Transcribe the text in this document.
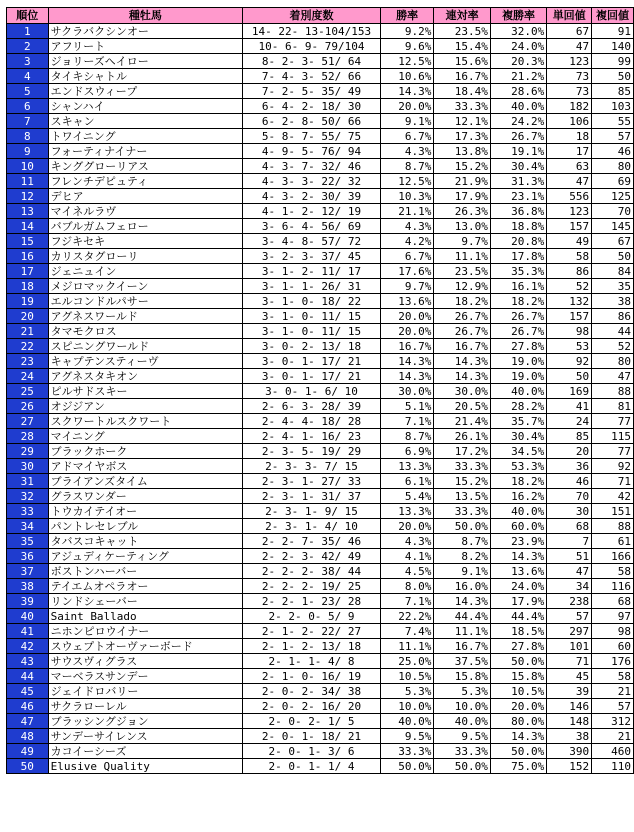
順位	種牡馬	着別度数	勝率	連対率	複勝率	単回値	複回値
1	サクラバクシンオー	14- 22- 13-104/153	9.2%	23.5%	32.0%	67	91
2	アフリート	10- 6- 9- 79/104	9.6%	15.4%	24.0%	47	140
3	ジョリーズヘイロー	8- 2- 3- 51/ 64	12.5%	15.6%	20.3%	123	99
4	タイキシャトル	7- 4- 3- 52/ 66	10.6%	16.7%	21.2%	73	50
5	エンドスウィープ	7- 2- 5- 35/ 49	14.3%	18.4%	28.6%	73	85
6	シャンハイ	6- 4- 2- 18/ 30	20.0%	33.3%	40.0%	182	103
7	スキャン	6- 2- 8- 50/ 66	9.1%	12.1%	24.2%	106	55
8	トワイニング	5- 8- 7- 55/ 75	6.7%	17.3%	26.7%	18	57
9	フォーティナイナー	4- 9- 5- 76/ 94	4.3%	13.8%	19.1%	17	46
10	キンググローリアス	4- 3- 7- 32/ 46	8.7%	15.2%	30.4%	63	80
11	フレンチデピュティ	4- 3- 3- 22/ 32	12.5%	21.9%	31.3%	47	69
12	デヒア	4- 3- 2- 30/ 39	10.3%	17.9%	23.1%	556	125
13	マイネルラヴ	4- 1- 2- 12/ 19	21.1%	26.3%	36.8%	123	70
14	バブルガムフェロー	3- 6- 4- 56/ 69	4.3%	13.0%	18.8%	157	145
15	フジキセキ	3- 4- 8- 57/ 72	4.2%	9.7%	20.8%	49	67
16	カリスタグローリ	3- 2- 3- 37/ 45	6.7%	11.1%	17.8%	58	50
17	ジェニュイン	3- 1- 2- 11/ 17	17.6%	23.5%	35.3%	86	84
18	メジロマックイーン	3- 1- 1- 26/ 31	9.7%	12.9%	16.1%	52	35
19	エルコンドルパサー	3- 1- 0- 18/ 22	13.6%	18.2%	18.2%	132	38
20	アグネスワールド	3- 1- 0- 11/ 15	20.0%	26.7%	26.7%	157	86
21	タマモクロス	3- 1- 0- 11/ 15	20.0%	26.7%	26.7%	98	44
22	スピニングワールド	3- 0- 2- 13/ 18	16.7%	16.7%	27.8%	53	52
23	キャプテンスティーヴ	3- 0- 1- 17/ 21	14.3%	14.3%	19.0%	92	80
24	アグネスタキオン	3- 0- 1- 17/ 21	14.3%	14.3%	19.0%	50	47
25	ピルサドスキー	3- 0- 1- 6/ 10	30.0%	30.0%	40.0%	169	88
26	オジジアン	2- 6- 3- 28/ 39	5.1%	20.5%	28.2%	41	81
27	スクワートルスクワート	2- 4- 4- 18/ 28	7.1%	21.4%	35.7%	24	77
28	マイニング	2- 4- 1- 16/ 23	8.7%	26.1%	30.4%	85	115
29	ブラックホーク	2- 3- 5- 19/ 29	6.9%	17.2%	34.5%	20	77
30	アドマイヤボス	2- 3- 3- 7/ 15	13.3%	33.3%	53.3%	36	92
31	ブライアンズタイム	2- 3- 1- 27/ 33	6.1%	15.2%	18.2%	46	71
32	グラスワンダー	2- 3- 1- 31/ 37	5.4%	13.5%	16.2%	70	42
33	トウカイテイオー	2- 3- 1- 9/ 15	13.3%	33.3%	40.0%	30	151
34	パントレセレブル	2- 3- 1- 4/ 10	20.0%	50.0%	60.0%	68	88
35	タバスコキャット	2- 2- 7- 35/ 46	4.3%	8.7%	23.9%	7	61
36	アジュディケーティング	2- 2- 3- 42/ 49	4.1%	8.2%	14.3%	51	166
37	ボストンハーバー	2- 2- 2- 38/ 44	4.5%	9.1%	13.6%	47	58
38	テイエムオペラオー	2- 2- 2- 19/ 25	8.0%	16.0%	24.0%	34	116
39	リンドシェーバー	2- 2- 1- 23/ 28	7.1%	14.3%	17.9%	238	68
40	Saint Ballado	2- 2- 0- 5/ 9	22.2%	44.4%	44.4%	57	97
41	ニホンピロウイナー	2- 1- 2- 22/ 27	7.4%	11.1%	18.5%	297	98
42	スウェプトオーヴァーボード	2- 1- 2- 13/ 18	11.1%	16.7%	27.8%	101	60
43	サウスヴィグラス	2- 1- 1- 4/ 8	25.0%	37.5%	50.0%	71	176
44	マーベラスサンデー	2- 1- 0- 16/ 19	10.5%	15.8%	15.8%	45	58
45	ジェイドロバリー	2- 0- 2- 34/ 38	5.3%	5.3%	10.5%	39	21
46	サクラローレル	2- 0- 2- 16/ 20	10.0%	10.0%	20.0%	146	57
47	ブラッシングジョン	2- 0- 2- 1/ 5	40.0%	40.0%	80.0%	148	312
48	サンデーサイレンス	2- 0- 1- 18/ 21	9.5%	9.5%	14.3%	38	21
49	カコイーシーズ	2- 0- 1- 3/ 6	33.3%	33.3%	50.0%	390	460
50	Elusive Quality	2- 0- 1- 1/ 4	50.0%	50.0%	75.0%	152	110
